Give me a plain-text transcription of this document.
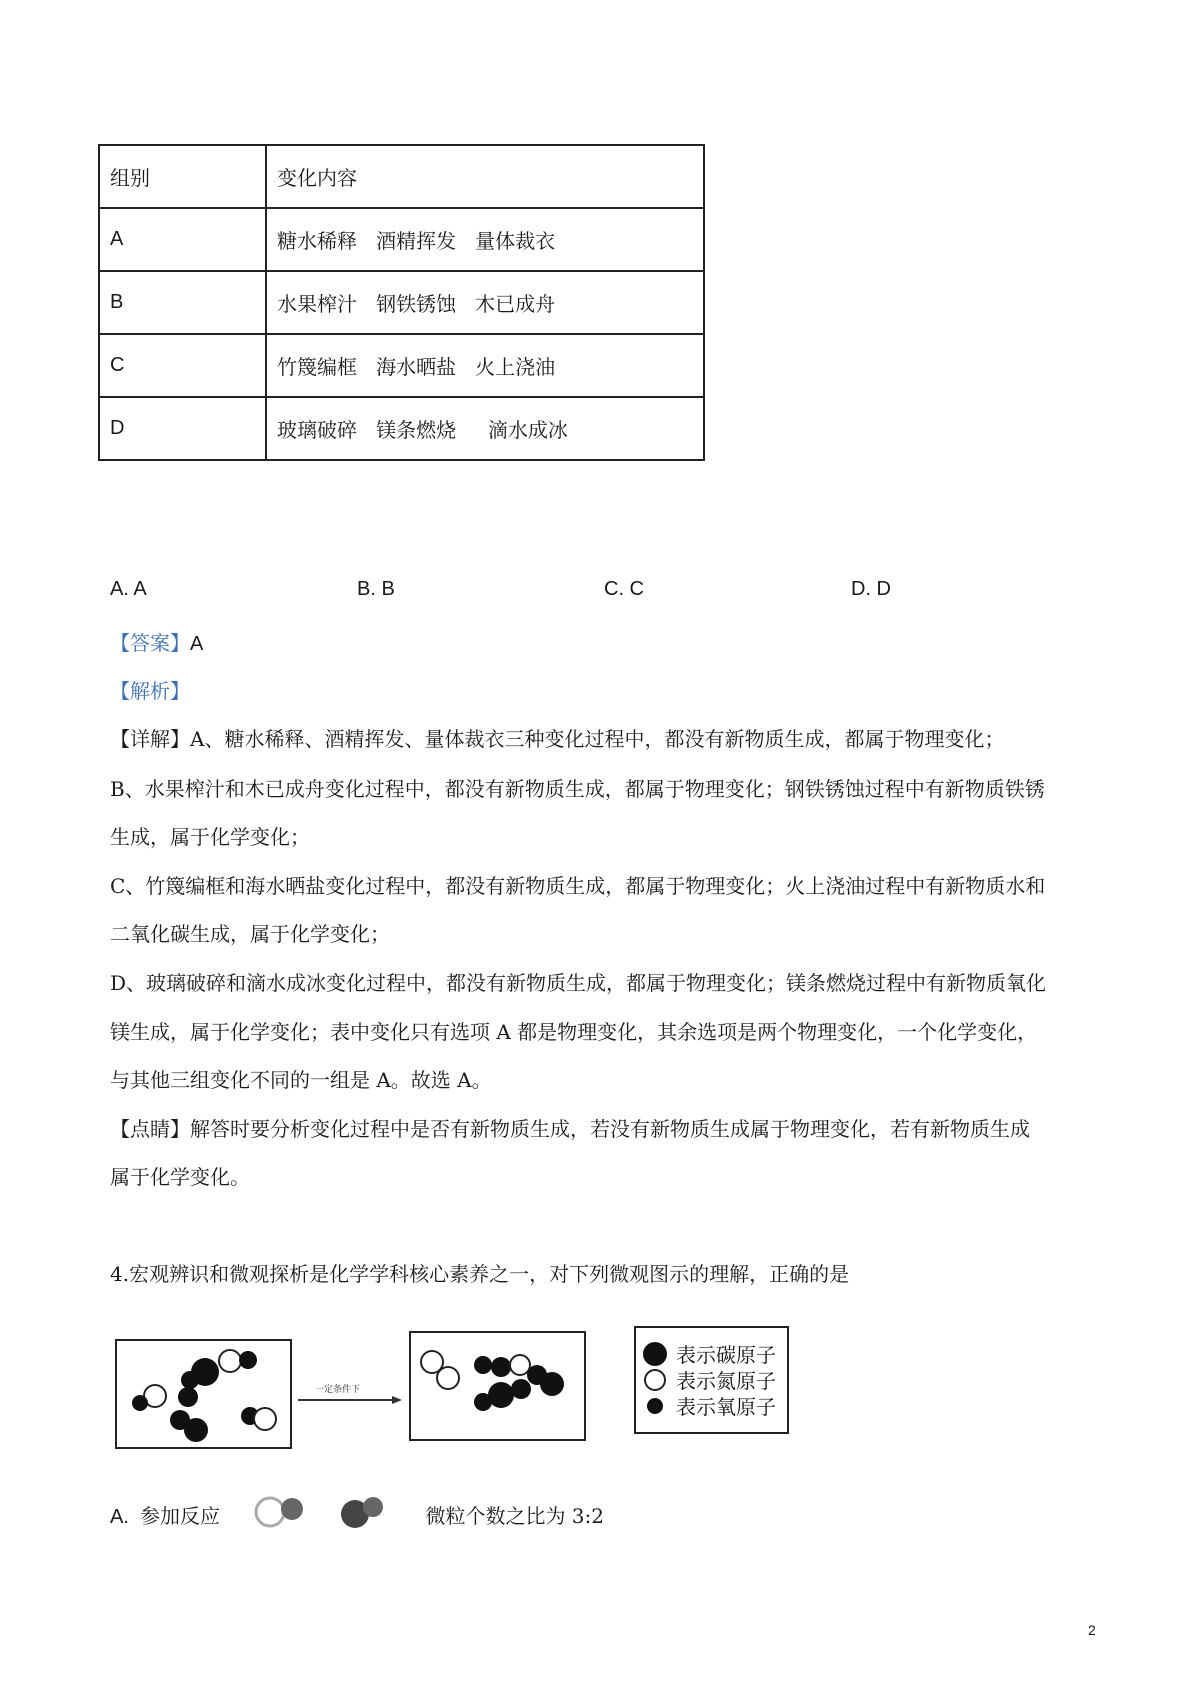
组别	变化内容
A	糖水稀释   酒精挥发   量体裁衣
B	水果榨汁   钢铁锈蚀   木已成舟
C	竹篾编框   海水晒盐   火上浇油
D	玻璃破碎   镁条燃烧     滴水成冰
A. A	B. B	C. C	D. D
【答案】A
【解析】
【详解】A、糖水稀释、酒精挥发、量体裁衣三种变化过程中，都没有新物质生成，都属于物理变化；
B、水果榨汁和木已成舟变化过程中，都没有新物质生成，都属于物理变化；钢铁锈蚀过程中有新物质铁锈
生成，属于化学变化；
C、竹篾编框和海水晒盐变化过程中，都没有新物质生成，都属于物理变化；火上浇油过程中有新物质水和
二氧化碳生成，属于化学变化；
D、玻璃破碎和滴水成冰变化过程中，都没有新物质生成，都属于物理变化；镁条燃烧过程中有新物质氧化
镁生成，属于化学变化；表中变化只有选项 A 都是物理变化，其余选项是两个物理变化，一个化学变化，
与其他三组变化不同的一组是 A。故选 A。
【点睛】解答时要分析变化过程中是否有新物质生成，若没有新物质生成属于物理变化，若有新物质生成
属于化学变化。
4.宏观辨识和微观探析是化学学科核心素养之一，对下列微观图示的理解，正确的是
一定条件下
表示碳原子
表示氮原子
表示氧原子
A.  参加反应	微粒个数之比为 3:2
2
